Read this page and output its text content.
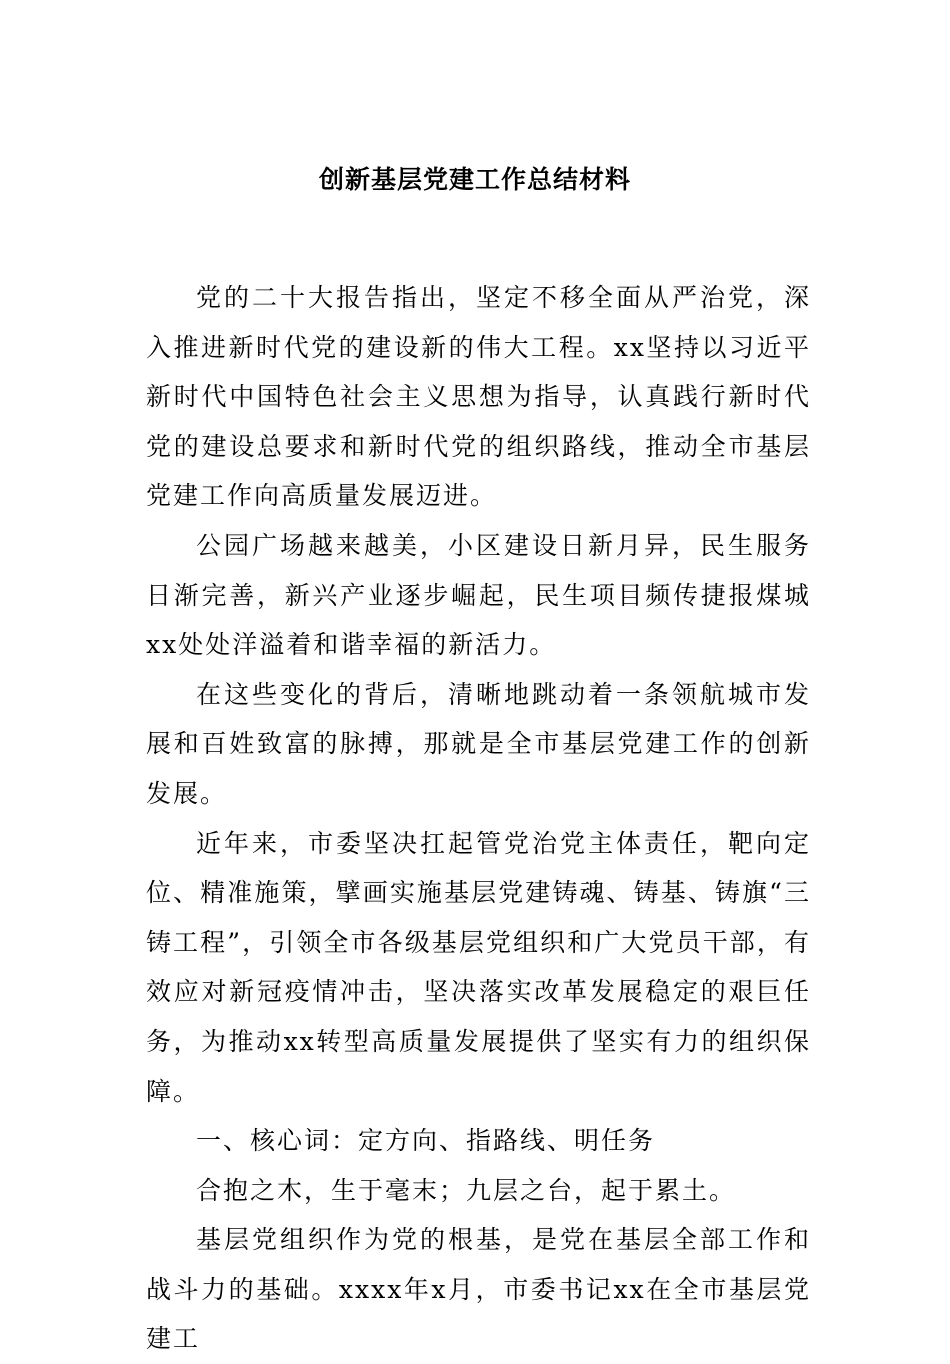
创新基层党建工作总结材料

党的二十大报告指出，坚定不移全面从严治党，深入推进新时代党的建设新的伟大工程。xx坚持以习近平新时代中国特色社会主义思想为指导，认真践行新时代党的建设总要求和新时代党的组织路线，推动全市基层党建工作向高质量发展迈进。

公园广场越来越美，小区建设日新月异，民生服务日渐完善，新兴产业逐步崛起，民生项目频传捷报煤城xx处处洋溢着和谐幸福的新活力。

在这些变化的背后，清晰地跳动着一条领航城市发展和百姓致富的脉搏，那就是全市基层党建工作的创新发展。

近年来，市委坚决扛起管党治党主体责任，靶向定位、精准施策，擘画实施基层党建铸魂、铸基、铸旗“三铸工程”，引领全市各级基层党组织和广大党员干部，有效应对新冠疫情冲击，坚决落实改革发展稳定的艰巨任务，为推动xx转型高质量发展提供了坚实有力的组织保障。

一、核心词：定方向、指路线、明任务

合抱之木，生于毫末；九层之台，起于累土。

基层党组织作为党的根基，是党在基层全部工作和战斗力的基础。xxxx年x月，市委书记xx在全市基层党建工
